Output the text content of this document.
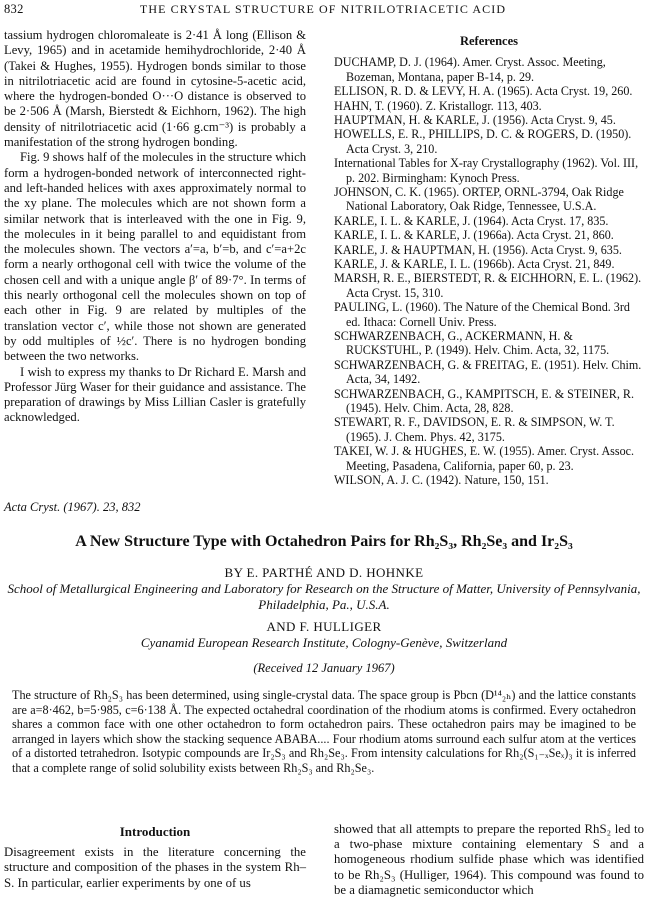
832	THE CRYSTAL STRUCTURE OF NITRILOTRIACETIC ACID

tassium hydrogen chloromaleate is 2·41 Å long (Ellison & Levy, 1965) and in acetamide hemihydrochloride, 2·40 Å (Takei & Hughes, 1955). Hydrogen bonds similar to those in nitrilotriacetic acid are found in cytosine-5-acetic acid, where the hydrogen-bonded O···O distance is observed to be 2·506 Å (Marsh, Bierstedt & Eichhorn, 1962). The high density of nitrilotriacetic acid (1·66 g.cm⁻³) is probably a manifestation of the strong hydrogen bonding.

Fig. 9 shows half of the molecules in the structure which form a hydrogen-bonded network of interconnected right- and left-handed helices with axes approximately normal to the xy plane. The molecules which are not shown form a similar network that is interleaved with the one in Fig. 9, the molecules in it being parallel to and equidistant from the molecules shown. The vectors a′=a, b′=b, and c′=a+2c form a nearly orthogonal cell with twice the volume of the chosen cell and with a unique angle β′ of 89·7°. In terms of this nearly orthogonal cell the molecules shown on top of each other in Fig. 9 are related by multiples of the translation vector c′, while those not shown are generated by odd multiples of ½c′. There is no hydrogen bonding between the two networks.

I wish to express my thanks to Dr Richard E. Marsh and Professor Jürg Waser for their guidance and assistance. The preparation of drawings by Miss Lillian Casler is gratefully acknowledged.

References

DUCHAMP, D. J. (1964). Amer. Cryst. Assoc. Meeting, Bozeman, Montana, paper B-14, p. 29.

ELLISON, R. D. & LEVY, H. A. (1965). Acta Cryst. 19, 260.

HAHN, T. (1960). Z. Kristallogr. 113, 403.

HAUPTMAN, H. & KARLE, J. (1956). Acta Cryst. 9, 45.

HOWELLS, E. R., PHILLIPS, D. C. & ROGERS, D. (1950). Acta Cryst. 3, 210.

International Tables for X-ray Crystallography (1962). Vol. III, p. 202. Birmingham: Kynoch Press.

JOHNSON, C. K. (1965). ORTEP, ORNL-3794, Oak Ridge National Laboratory, Oak Ridge, Tennessee, U.S.A.

KARLE, I. L. & KARLE, J. (1964). Acta Cryst. 17, 835.

KARLE, I. L. & KARLE, J. (1966a). Acta Cryst. 21, 860.

KARLE, J. & HAUPTMAN, H. (1956). Acta Cryst. 9, 635.

KARLE, J. & KARLE, I. L. (1966b). Acta Cryst. 21, 849.

MARSH, R. E., BIERSTEDT, R. & EICHHORN, E. L. (1962). Acta Cryst. 15, 310.

PAULING, L. (1960). The Nature of the Chemical Bond. 3rd ed. Ithaca: Cornell Univ. Press.

SCHWARZENBACH, G., ACKERMANN, H. & RUCKSTUHL, P. (1949). Helv. Chim. Acta, 32, 1175.

SCHWARZENBACH, G. & FREITAG, E. (1951). Helv. Chim. Acta, 34, 1492.

SCHWARZENBACH, G., KAMPITSCH, E. & STEINER, R. (1945). Helv. Chim. Acta, 28, 828.

STEWART, R. F., DAVIDSON, E. R. & SIMPSON, W. T. (1965). J. Chem. Phys. 42, 3175.

TAKEI, W. J. & HUGHES, E. W. (1955). Amer. Cryst. Assoc. Meeting, Pasadena, California, paper 60, p. 23.

WILSON, A. J. C. (1942). Nature, 150, 151.

Acta Cryst. (1967). 23, 832
A New Structure Type with Octahedron Pairs for Rh₂S₃, Rh₂Se₃ and Ir₂S₃
BY E. PARTHÉ AND D. HOHNKE
School of Metallurgical Engineering and Laboratory for Research on the Structure of Matter, University of Pennsylvania, Philadelphia, Pa., U.S.A.
AND F. HULLIGER
Cyanamid European Research Institute, Cologny-Genève, Switzerland
(Received 12 January 1967)
The structure of Rh₂S₃ has been determined, using single-crystal data. The space group is Pbcn (D¹⁴₂ₕ) and the lattice constants are a=8·462, b=5·985, c=6·138 Å. The expected octahedral coordination of the rhodium atoms is confirmed. Every octahedron shares a common face with one other octahedron to form octahedron pairs. These octahedron pairs may be imagined to be arranged in layers which show the stacking sequence ABABA.... Four rhodium atoms surround each sulfur atom at the vertices of a distorted tetrahedron. Isotypic compounds are Ir₂S₃ and Rh₂Se₃. From intensity calculations for Rh₂(S₁₋ₓSeₓ)₃ it is inferred that a complete range of solid solubility exists between Rh₂S₃ and Rh₂Se₃.
Introduction

Disagreement exists in the literature concerning the structure and composition of the phases in the system Rh–S. In particular, earlier experiments by one of us

showed that all attempts to prepare the reported RhS₂ led to a two-phase mixture containing elementary S and a homogeneous rhodium sulfide phase which was identified to be Rh₂S₃ (Hulliger, 1964). This compound was found to be a diamagnetic semiconductor which
